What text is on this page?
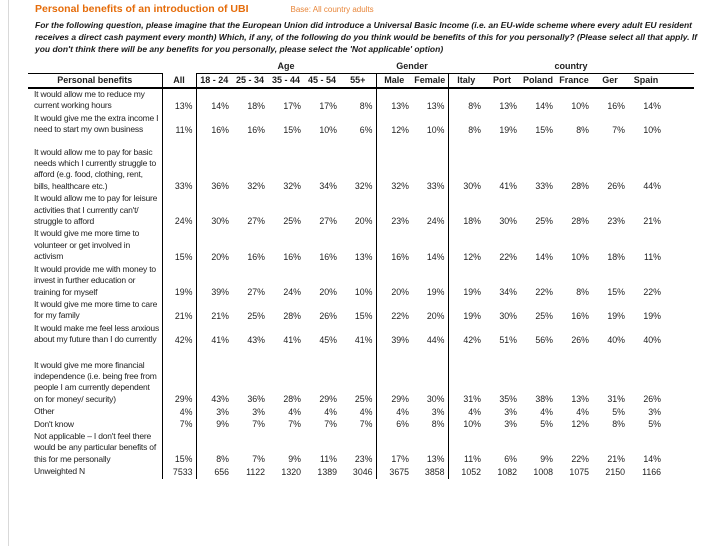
Personal benefits of an introduction of UBI	Base: All country adults
For the following question, please imagine that the European Union did introduce a Universal Basic Income (i.e. an EU-wide scheme where every adult EU resident receives a direct cash payment every month) Which, if any, of the following do you think would be benefits of this for you personally? (Please select all that apply. If you don't think there will be any benefits for you personally, please select the 'Not applicable' option)
		Age					Gender		country						
Personal benefits	All	18 - 24	25 - 34	35 - 44	45 - 54	55+	Male	Female	Italy	Port	Poland	France	Ger	Spain	
It would allow me to reduce my current working hours	13%	14%	18%	17%	17%	8%	13%	13%	8%	13%	14%	10%	16%	14%	
It would give me the extra income I need to start my own business	11%	16%	16%	15%	10%	6%	12%	10%	8%	19%	15%	8%	7%	10%	

It would allow me to pay for basic needs which I currently struggle to afford (e.g. food, clothing, rent, bills, healthcare etc.)	33%	36%	32%	32%	34%	32%	32%	33%	30%	41%	33%	28%	26%	44%	
It would allow me to pay for leisure activities that I currently can't/ struggle to afford	24%	30%	27%	25%	27%	20%	23%	24%	18%	30%	25%	28%	23%	21%	
It would give me more time to volunteer or get involved in activism	15%	20%	16%	16%	16%	13%	16%	14%	12%	22%	14%	10%	18%	11%	
It would provide me with money to invest in further education or training for myself	19%	39%	27%	24%	20%	10%	20%	19%	19%	34%	22%	8%	15%	22%	
It would give me more time to care for my family	21%	21%	25%	28%	26%	15%	22%	20%	19%	30%	25%	16%	19%	19%	
It would make me feel less anxious about my future than I do currently	42%	41%	43%	41%	45%	41%	39%	44%	42%	51%	56%	26%	40%	40%	

It would give me more financial independence (i.e. being free from people I am currently dependent on for money/ security)	29%	43%	36%	28%	29%	25%	29%	30%	31%	35%	38%	13%	31%	26%	
Other	4%	3%	3%	4%	4%	4%	4%	3%	4%	3%	4%	4%	5%	3%	
Don't know	7%	9%	7%	7%	7%	7%	6%	8%	10%	3%	5%	12%	8%	5%	
Not applicable – I don't feel there would be any particular benefits of this for me personally	15%	8%	7%	9%	11%	23%	17%	13%	11%	6%	9%	22%	21%	14%	
Unweighted N	7533	656	1122	1320	1389	3046	3675	3858	1052	1082	1008	1075	2150	1166	
